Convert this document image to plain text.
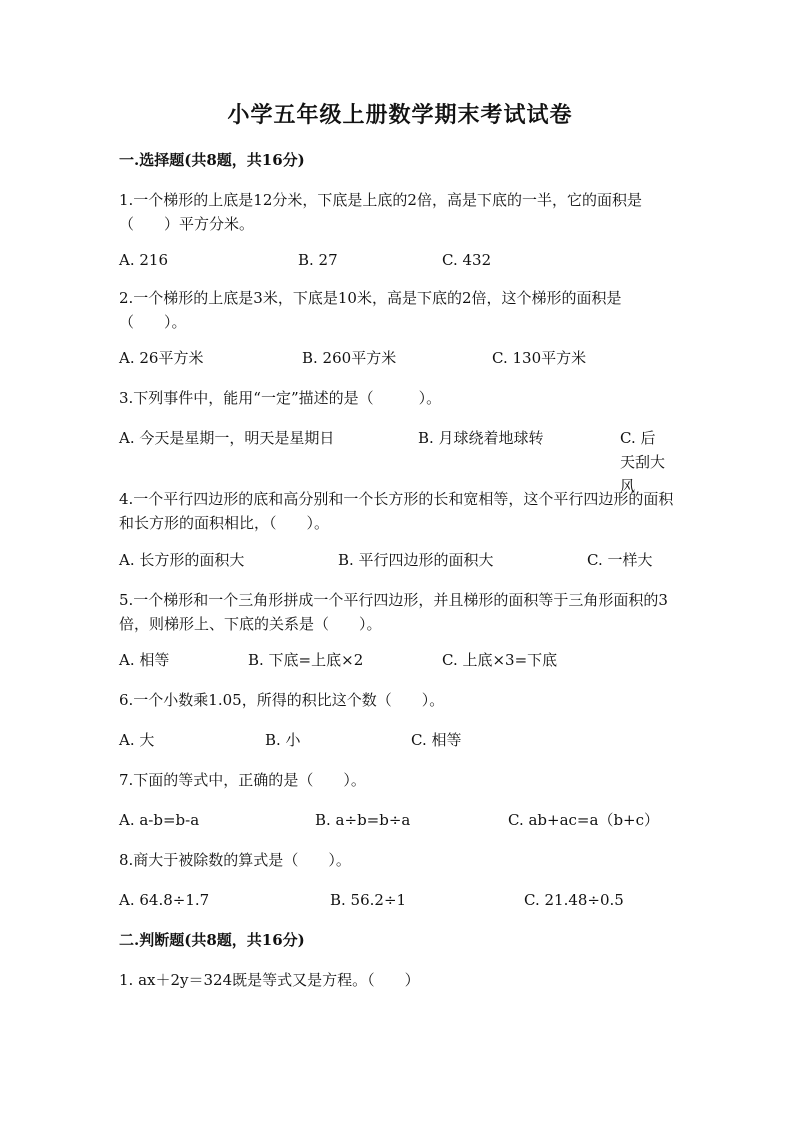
小学五年级上册数学期末考试试卷
一.选择题(共8题，共16分)
1.一个梯形的上底是12分米，下底是上底的2倍，高是下底的一半，它的面积是（　　）平方分米。
A. 216	B. 27	C. 432
2.一个梯形的上底是3米，下底是10米，高是下底的2倍，这个梯形的面积是（　　）。
A. 26平方米	B. 260平方米	C. 130平方米
3.下列事件中，能用“一定”描述的是（　　　）。
A. 今天是星期一，明天是星期日	B. 月球绕着地球转	C. 后天刮大风
4.一个平行四边形的底和高分别和一个长方形的长和宽相等，这个平行四边形的面积和长方形的面积相比，（　　）。
A. 长方形的面积大	B. 平行四边形的面积大	C. 一样大
5.一个梯形和一个三角形拼成一个平行四边形，并且梯形的面积等于三角形面积的3倍，则梯形上、下底的关系是（　　）。
A. 相等	B. 下底=上底×2	C. 上底×3=下底
6.一个小数乘1.05，所得的积比这个数（　　）。
A. 大	B. 小	C. 相等
7.下面的等式中，正确的是（　　）。
A. a-b=b-a	B. a÷b=b÷a	C. ab+ac=a（b+c）
8.商大于被除数的算式是（　　）。
A. 64.8÷1.7	B. 56.2÷1	C. 21.48÷0.5
二.判断题(共8题，共16分)
1. ax＋2y＝324既是等式又是方程。（　　）
